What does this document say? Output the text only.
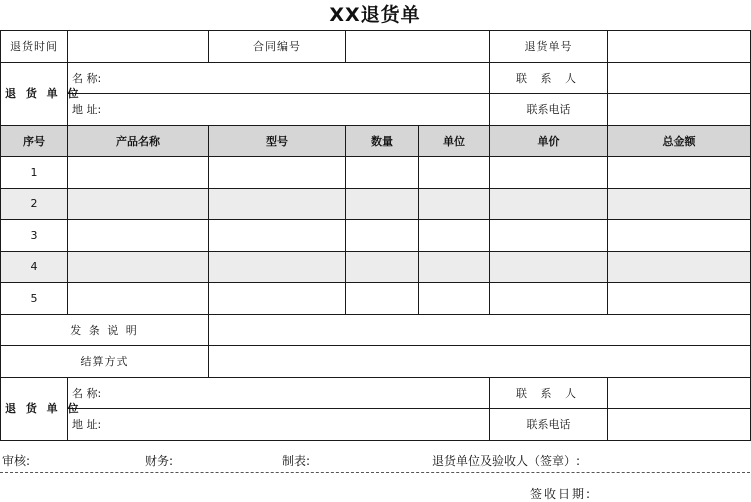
XX退货单
退货时间		合同编号			退货单号	
退 货 单 位	名 称:				联 系 人	
	地 址:				联系电话	
序号	产品名称	型号	数量	单位	单价	总金额
1						
2						
3						
4						
5						
发 条 说 明						
结算方式						
退 货 单 位	名 称:				联 系 人	
	地 址:				联系电话	
审核:	财务:	制表:	退货单位及验收人（签章）:
签收日期:
